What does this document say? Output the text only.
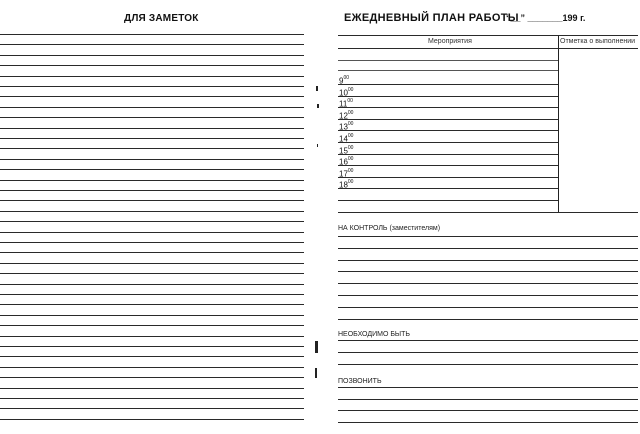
ДЛЯ ЗАМЕТОК	ЕЖЕДНЕВНЫЙ ПЛАН РАБОТЫ
“__” _______199 г.
Мероприятия	Отметка о выполнении
$9^{00}$
$10^{00}$
$11^{00}$
$12^{00}$
$13^{00}$
$14^{00}$
$15^{00}$
$16^{00}$
$17^{00}$
$18^{00}$
НА КОНТРОЛЬ (заместителям)
НЕОБХОДИМО БЫТЬ
ПОЗВОНИТЬ
